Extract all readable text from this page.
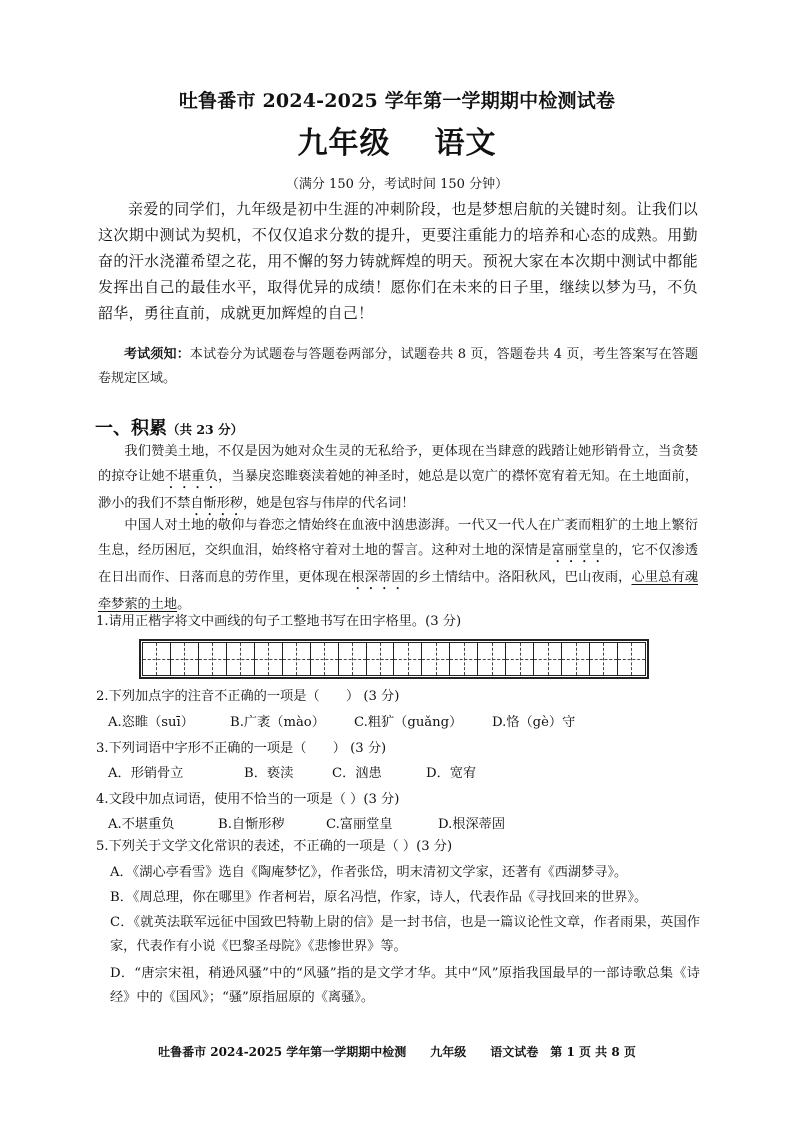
吐鲁番市 2024-2025 学年第一学期期中检测试卷
九年级 语文
（满分 150 分，考试时间 150 分钟）
亲爱的同学们，九年级是初中生涯的冲刺阶段，也是梦想启航的关键时刻。让我们以这次期中测试为契机，不仅仅追求分数的提升，更要注重能力的培养和心态的成熟。用勤奋的汗水浇灌希望之花，用不懈的努力铸就辉煌的明天。预祝大家在本次期中测试中都能发挥出自己的最佳水平，取得优异的成绩！愿你们在未来的日子里，继续以梦为马，不负韶华，勇往直前，成就更加辉煌的自己！
考试须知：本试卷分为试题卷与答题卷两部分，试题卷共 8 页，答题卷共 4 页，考生答案写在答题卷规定区域。
一、积累（共 23 分）
我们赞美土地，不仅是因为她对众生灵的无私给予，更体现在当肆意的践踏让她形销骨立，当贪婪的掠夺让她不堪重负，当暴戾恣睢亵渎着她的神圣时，她总是以宽广的襟怀宽宥着无知。在土地面前，渺小的我们不禁自惭形秽，她是包容与伟岸的代名词！
中国人对土地的敬仰与眷恋之情始终在血液中汹患澎湃。一代又一代人在广袤而粗犷的土地上繁衍生息，经历困厄，交织血泪，始终格守着对土地的誓言。这种对土地的深情是富丽堂皇的，它不仅渗透在日出而作、日落而息的劳作里，更体现在根深蒂固的乡土情结中。洛阳秋风，巴山夜雨，心里总有魂牵梦萦的土地。
1.请用正楷字将文中画线的句子工整地书写在田字格里。(3 分)
2.下列加点字的注音不正确的一项是（　　） (3 分)
A.恣睢（suī）	B.广袤（mào） C.粗犷（guǎng） D.恪（gè）守
3.下列词语中字形不正确的一项是（　　） (3 分)
A．形销骨立	B．亵渎	C．汹患	D．宽宥
4.文段中加点词语，使用不恰当的一项是（ ）(3 分)
A.不堪重负	B.自惭形秽	C.富丽堂皇	D.根深蒂固
5.下列关于文学文化常识的表述，不正确的一项是（ ）(3 分)
A．《湖心亭看雪》选自《陶庵梦忆》，作者张岱，明末清初文学家，还著有《西湖梦寻》。
B．《周总理，你在哪里》作者柯岩，原名冯恺，作家，诗人，代表作品《寻找回来的世界》。
C．《就英法联军远征中国致巴特勒上尉的信》是一封书信，也是一篇议论性文章，作者雨果，英国作家，代表作有小说《巴黎圣母院》《悲惨世界》等。
D．“唐宗宋祖，稍逊风骚”中的“风骚”指的是文学才华。其中“风”原指我国最早的一部诗歌总集《诗经》中的《国风》；“骚”原指屈原的《离骚》。
吐鲁番市 2024-2025 学年第一学期期中检测　　九年级　　语文试卷　第 1 页 共 8 页
